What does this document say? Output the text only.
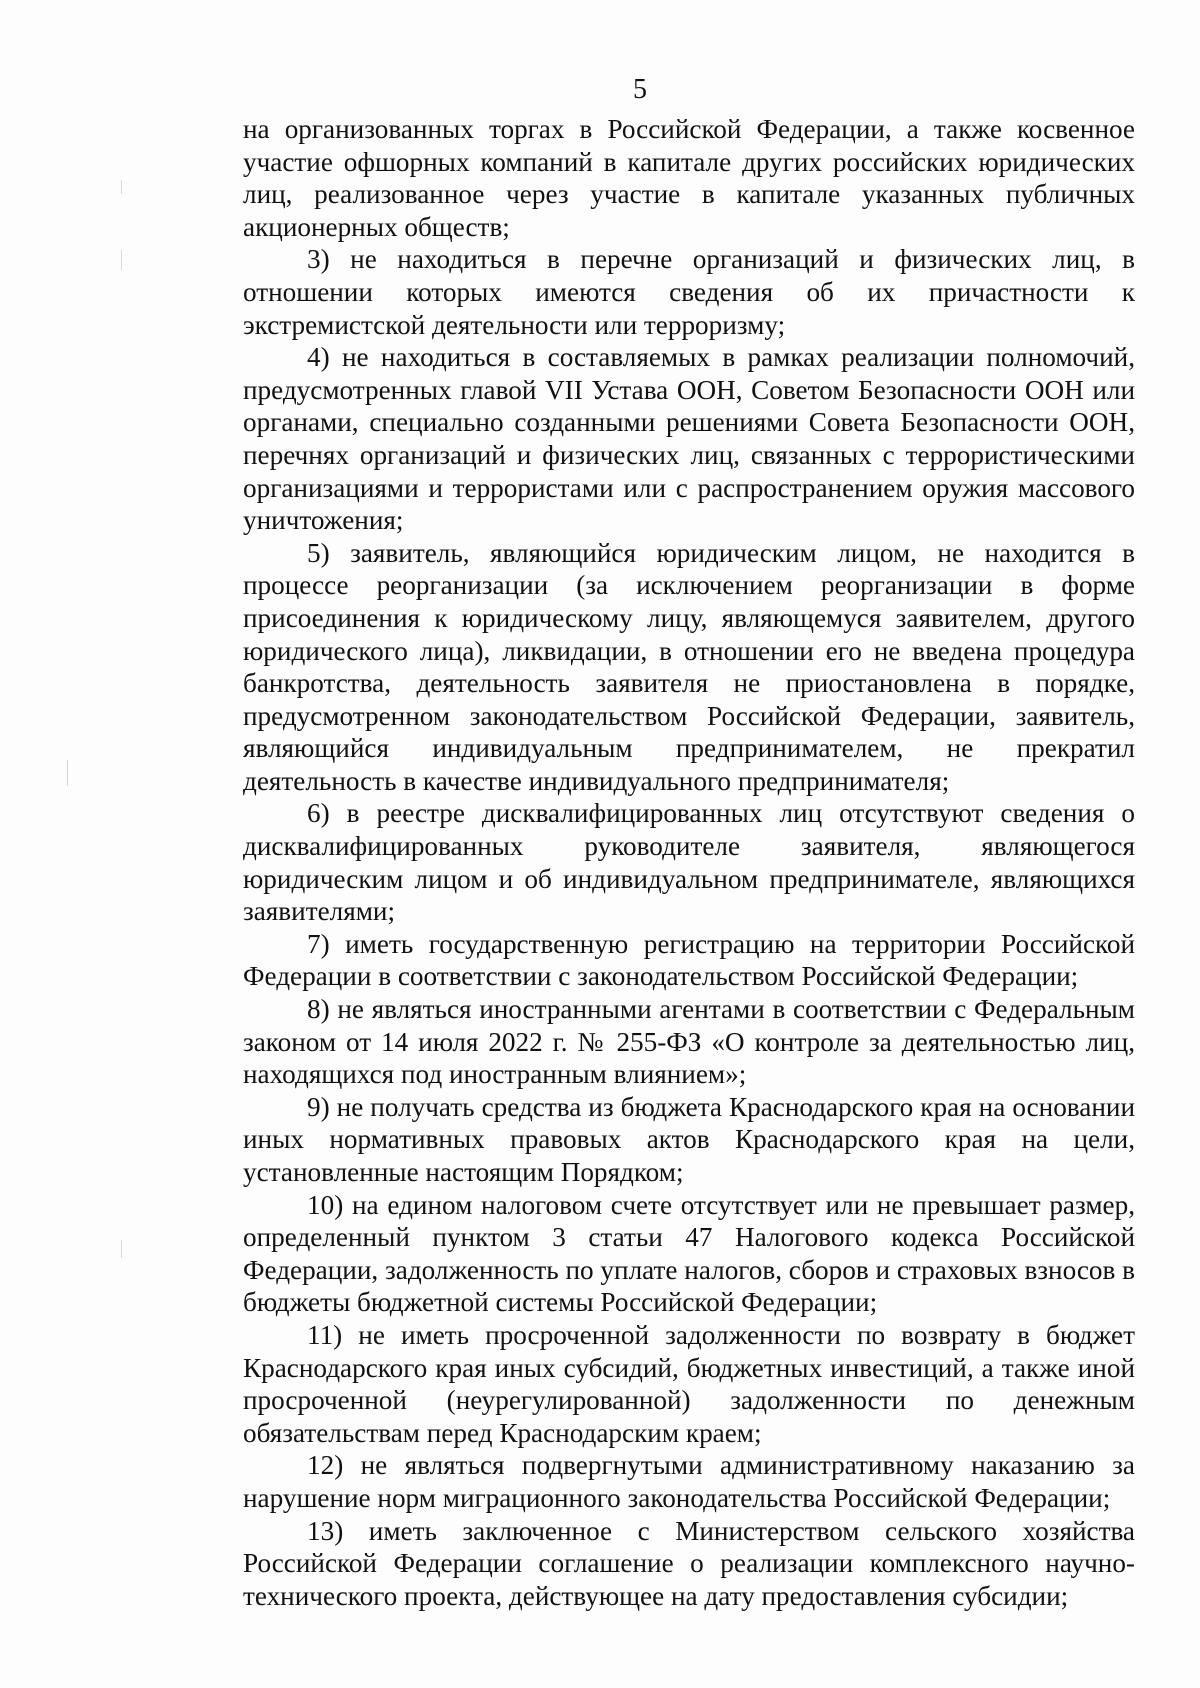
5

на организованных торгах в Российской Федерации, а также косвенное участие офшорных компаний в капитале других российских юридических лиц, реализованное через участие в капитале указанных публичных акционерных обществ;

3) не находиться в перечне организаций и физических лиц, в отношении которых имеются сведения об их причастности к экстремистской деятельности или терроризму;

4) не находиться в составляемых в рамках реализации полномочий, предусмотренных главой VII Устава ООН, Советом Безопасности ООН или органами, специально созданными решениями Совета Безопасности ООН, перечнях организаций и физических лиц, связанных с террористическими организациями и террористами или с распространением оружия массового уничтожения;

5) заявитель, являющийся юридическим лицом, не находится в процессе реорганизации (за исключением реорганизации в форме присоединения к юридическому лицу, являющемуся заявителем, другого юридического лица), ликвидации, в отношении его не введена процедура банкротства, деятельность заявителя не приостановлена в порядке, предусмотренном законодательством Российской Федерации, заявитель, являющийся индивидуальным предпринимателем, не прекратил деятельность в качестве индивидуального предпринимателя;

6) в реестре дисквалифицированных лиц отсутствуют сведения о дисквалифицированных руководителе заявителя, являющегося юридическим лицом и об индивидуальном предпринимателе, являющихся заявителями;

7) иметь государственную регистрацию на территории Российской Федерации в соответствии с законодательством Российской Федерации;

8) не являться иностранными агентами в соответствии с Федеральным законом от 14 июля 2022 г. № 255-ФЗ «О контроле за деятельностью лиц, находящихся под иностранным влиянием»;

9) не получать средства из бюджета Краснодарского края на основании иных нормативных правовых актов Краснодарского края на цели, установленные настоящим Порядком;

10) на едином налоговом счете отсутствует или не превышает размер, определенный пунктом 3 статьи 47 Налогового кодекса Российской Федерации, задолженность по уплате налогов, сборов и страховых взносов в бюджеты бюджетной системы Российской Федерации;

11) не иметь просроченной задолженности по возврату в бюджет Краснодарского края иных субсидий, бюджетных инвестиций, а также иной просроченной (неурегулированной) задолженности по денежным обязательствам перед Краснодарским краем;

12) не являться подвергнутыми административному наказанию за нарушение норм миграционного законодательства Российской Федерации;

13) иметь заключенное с Министерством сельского хозяйства Российской Федерации соглашение о реализации комплексного научно-технического проекта, действующее на дату предоставления субсидии;
